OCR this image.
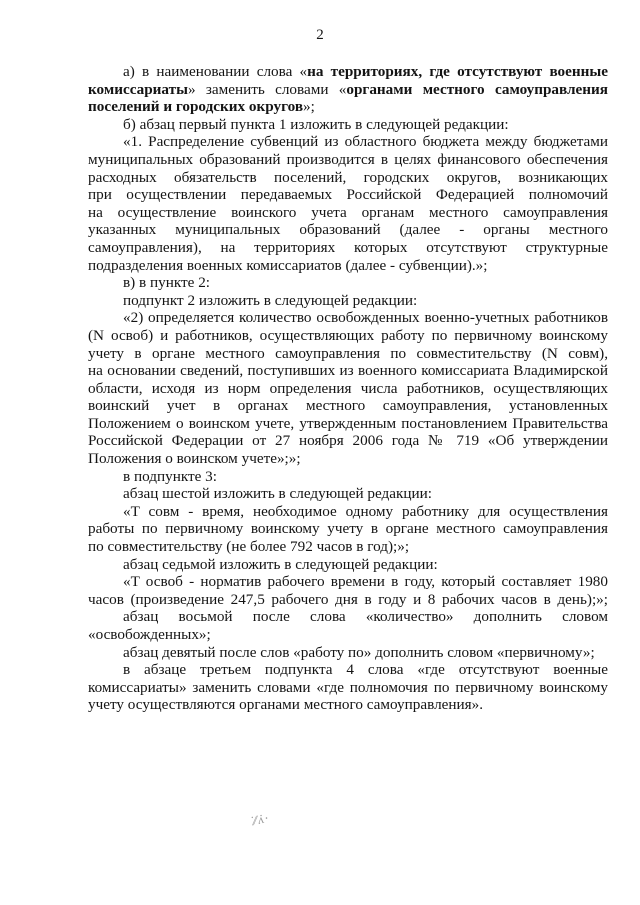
2
а) в наименовании слова «на территориях, где отсутствуют военные
комиссариаты» заменить словами «органами местного самоуправления
поселений и городских округов»;
б) абзац первый пункта 1 изложить в следующей редакции:
«1. Распределение субвенций из областного бюджета между бюджетами
муниципальных образований производится в целях финансового обеспечения
расходных обязательств поселений, городских округов, возникающих
при осуществлении передаваемых Российской Федерацией полномочий
на осуществление воинского учета органам местного самоуправления
указанных муниципальных образований (далее - органы местного
самоуправления), на территориях которых отсутствуют структурные
подразделения военных комиссариатов (далее - субвенции).»;
в) в пункте 2:
подпункт 2 изложить в следующей редакции:
«2) определяется количество освобожденных военно-учетных работников
(N освоб) и работников, осуществляющих работу по первичному воинскому
учету в органе местного самоуправления по совместительству (N совм),
на основании сведений, поступивших из военного комиссариата Владимирской
области, исходя из норм определения числа работников, осуществляющих
воинский учет в органах местного самоуправления, установленных
Положением о воинском учете, утвержденным постановлением Правительства
Российской Федерации от 27 ноября 2006 года № 719 «Об утверждении
Положения о воинском учете»;»;
в подпункте 3:
абзац шестой изложить в следующей редакции:
«T совм - время, необходимое одному работнику для осуществления
работы по первичному воинскому учету в органе местного самоуправления
по совместительству (не более 792 часов в год);»;
абзац седьмой изложить в следующей редакции:
«T освоб - норматив рабочего времени в году, который составляет 1980
часов (произведение 247,5 рабочего дня в году и 8 рабочих часов в день);»;
абзац восьмой после слова «количество» дополнить словом
«освобожденных»;
абзац девятый после слов «работу по» дополнить словом «первичному»;
в абзаце третьем подпункта 4 слова «где отсутствуют военные
комиссариаты» заменить словами «где полномочия по первичному воинскому
учету осуществляются органами местного самоуправления».
˙⁄⁄ ̇ʌ ·
